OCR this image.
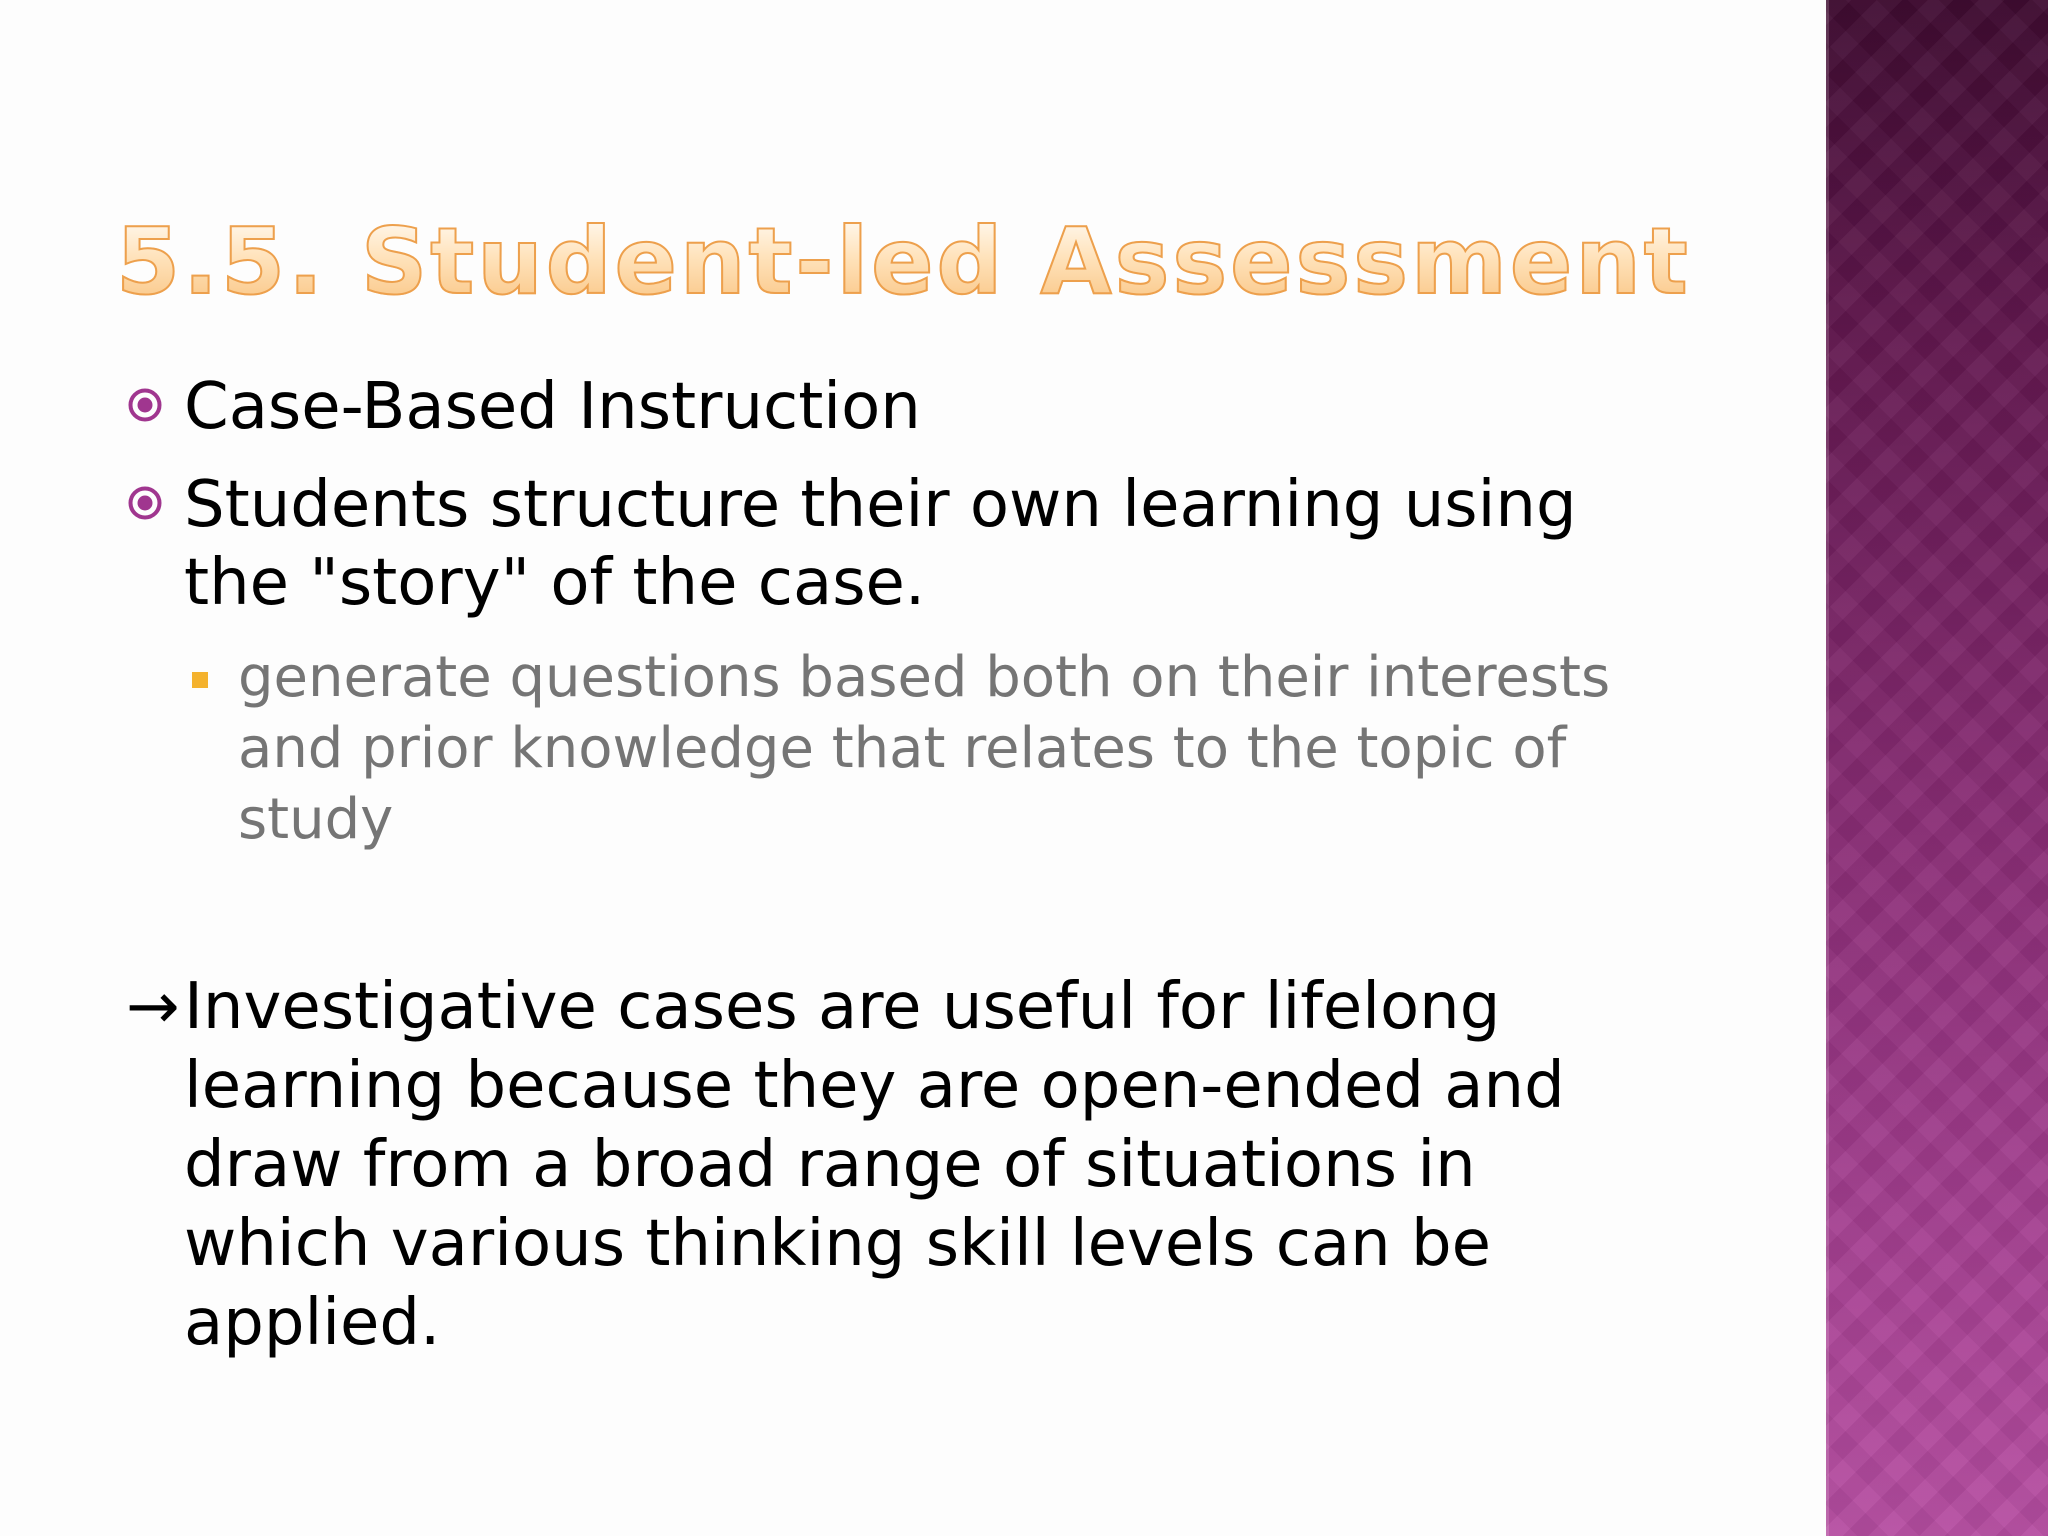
5.5. Student-led Assessment

Case-Based Instruction

Students structure their own learning using
the "story" of the case.

generate questions based both on their interests
and prior knowledge that relates to the topic of
study

→Investigative cases are useful for lifelong
learning because they are open-ended and
draw from a broad range of situations in
which various thinking skill levels can be
applied.
